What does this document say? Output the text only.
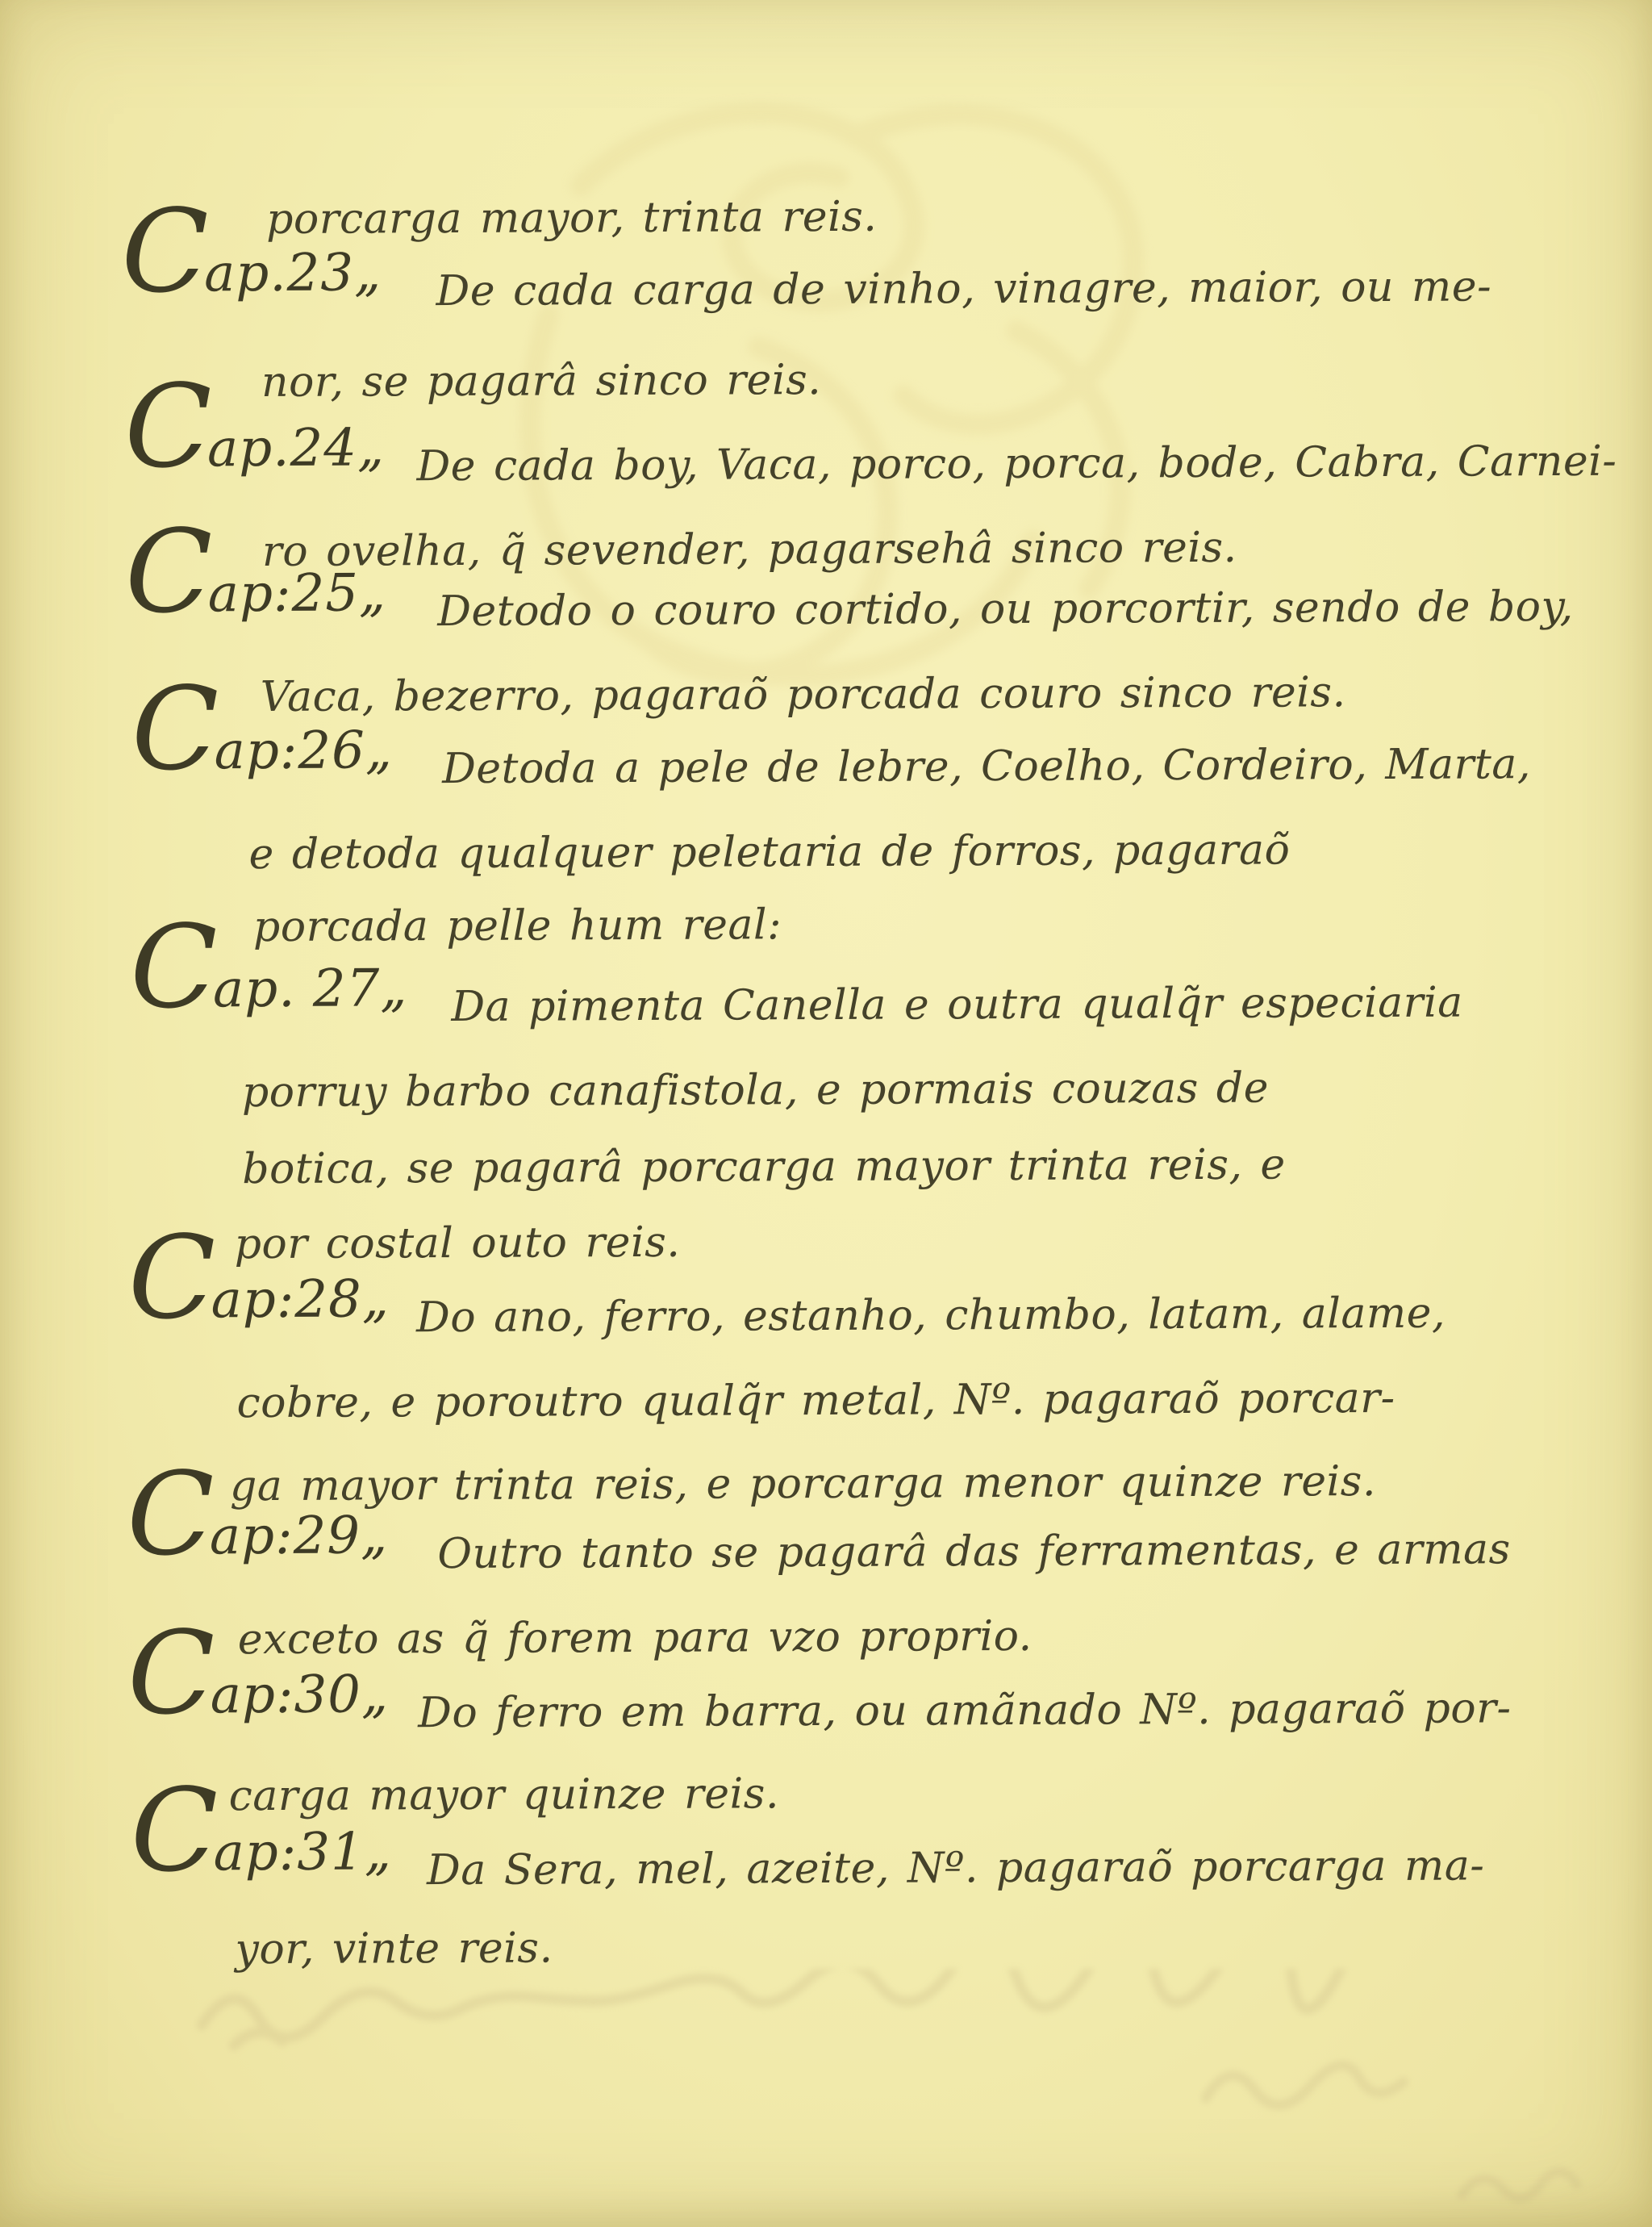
porcarga mayor, trinta reis.
Cap.23„ De cada carga de vinho, vinagre, maior, ou me-
nor, se pagarâ sinco reis.
Cap.24„ De cada boy, Vaca, porco, porca, bode, Cabra, Carnei-
ro ovelha, q̃ sevender, pagarsehâ sinco reis.
Cap:25„ Detodo o couro cortido, ou porcortir, sendo de boy,
Vaca, bezerro, pagaraõ porcada couro sinco reis.
Cap:26„ Detoda a pele de lebre, Coelho, Cordeiro, Marta,
e detoda qualquer peletaria de forros, pagaraõ
porcada pelle hum real:
Cap. 27„ Da pimenta Canella e outra qualq̃r especiaria
porruy barbo canafistola, e pormais couzas de
botica, se pagarâ porcarga mayor trinta reis, e
por costal outo reis.
Cap:28„ Do ano, ferro, estanho, chumbo, latam, alame,
cobre, e poroutro qualq̃r metal, Nº. pagaraõ porcar-
ga mayor trinta reis, e porcarga menor quinze reis.
Cap:29„ Outro tanto se pagarâ das ferramentas, e armas
exceto as q̃ forem para vzo proprio.
Cap:30„ Do ferro em barra, ou amãnado Nº. pagaraõ por-
carga mayor quinze reis.
Cap:31„ Da Sera, mel, azeite, Nº. pagaraõ porcarga ma-
yor, vinte reis.
